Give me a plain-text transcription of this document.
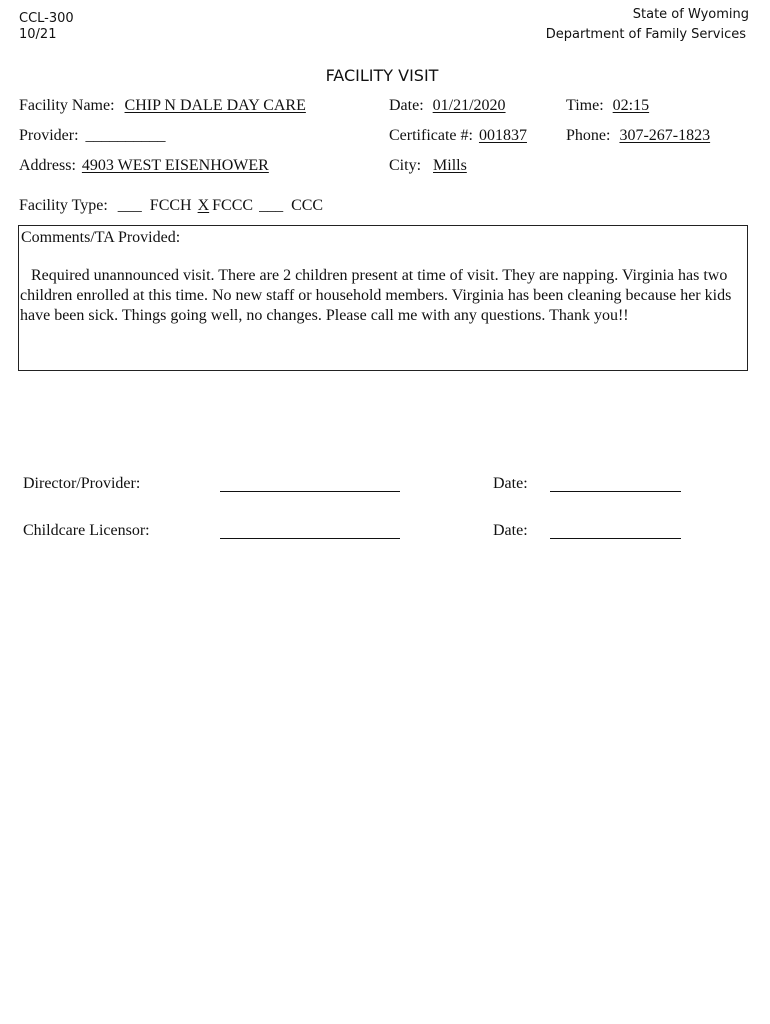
CCL-300
10/21
State of Wyoming
Department of Family Services
FACILITY VISIT
Facility Name: CHIP N DALE DAY CARE	Date: 01/21/2020	Time: 02:15
Provider: __________	Certificate #: 001837 Phone: 307-267-1823
Address: 4903 WEST EISENHOWER	City: Mills
Facility Type: ___ FCCH X FCCC ___ CCC
Comments/TA Provided:
Required unannounced visit. There are 2 children present at time of visit. They are napping. Virginia has two children enrolled at this time. No new staff or household members. Virginia has been cleaning because her kids have been sick. Things going well, no changes. Please call me with any questions. Thank you!!
Director/Provider:	Date:
Childcare Licensor:	Date:
